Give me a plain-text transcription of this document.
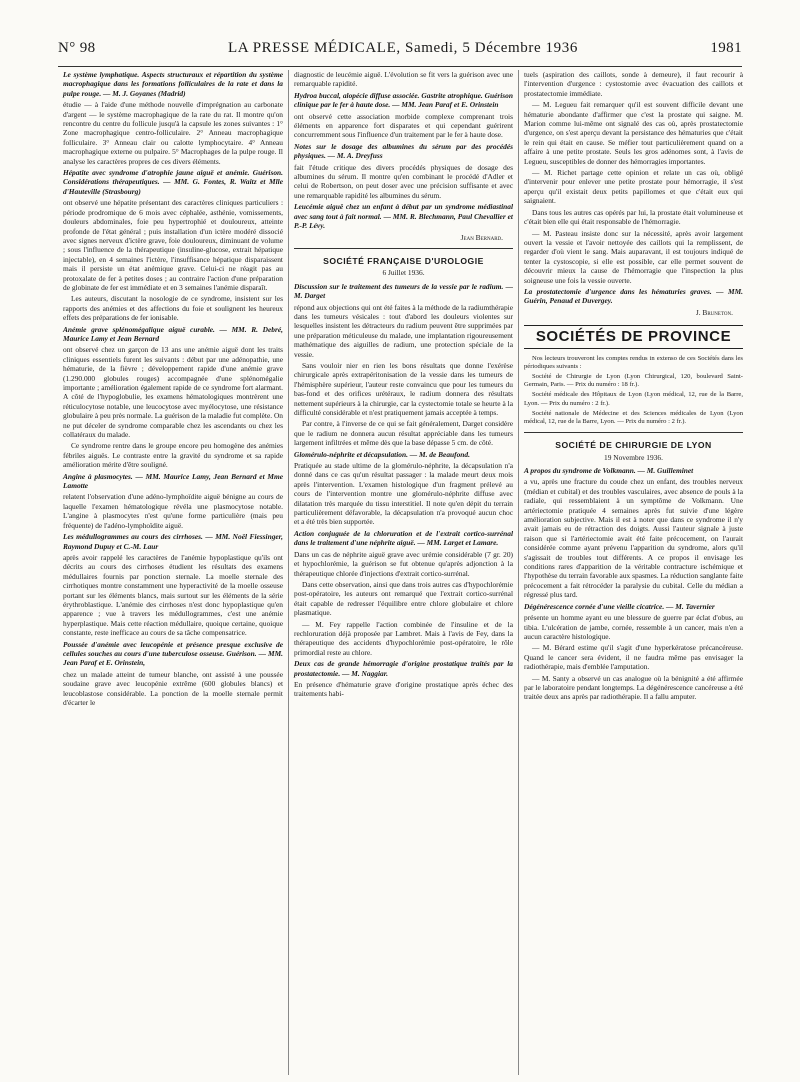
N° 98	LA PRESSE MÉDICALE, Samedi, 5 Décembre 1936	1981

Le système lymphatique. Aspects structuraux et répartition du système macrophagique dans les formations folliculaires de la rate et dans la pulpe rouge. — M. J. Goyanes (Madrid)

étudie — à l'aide d'une méthode nouvelle d'imprégnation au carbonate d'argent — le système macrophagique de la rate du rat. Il montre qu'on rencontre du centre du follicule jusqu'à la capsule les zones suivantes : 1° Zone macrophagique centro-folliculaire. 2° Anneau macrophagique folliculaire. 3° Anneau clair ou calotte lymphocytaire. 4° Anneau macrophagique externe ou pulpaire. 5° Macrophages de la pulpe rouge. Il analyse les caractères propres de ces divers éléments.

Hépatite avec syndrome d'atrophie jaune aiguë et anémie. Guérison. Considérations thérapeutiques. — MM. G. Fontes, R. Waitz et Mlle d'Hauteville (Strasbourg)

ont observé une hépatite présentant des caractères cliniques particuliers : période prodromique de 6 mois avec céphalée, asthénie, vomissements, douleurs abdominales, foie peu hypertrophié et douloureux, atteinte profonde de l'état général ; puis installation d'un ictère modéré dissocié avec signes nerveux d'ictère grave, foie douloureux, diminuant de volume ; sous l'influence de la thérapeutique (insuline-glucose, extrait hépatique injectable), en 4 semaines l'ictère, l'insuffisance hépatique disparaissent mais il persiste un état anémique grave. Celui-ci ne réagit pas au protoxalate de fer à petites doses ; au contraire l'action d'une préparation de globinate de fer est immédiate et en 3 semaines l'anémie disparaît.

Les auteurs, discutant la nosologie de ce syndrome, insistent sur les rapports des anémies et des affections du foie et soulignent les heureux effets des préparations de fer ionisable.

Anémie grave splénomégalique aiguë curable. — MM. R. Debré, Maurice Lamy et Jean Bernard

ont observé chez un garçon de 13 ans une anémie aiguë dont les traits cliniques essentiels furent les suivants : début par une adénopathie, une hématurie, de la fièvre ; développement rapide d'une anémie grave (1.290.000 globules rouges) accompagnée d'une splénomégalie importante ; amélioration également rapide de ce syndrome fort alarmant. A côté de l'hypoglobulie, les examens hématologiques montrèrent une réticulocytose notable, une leucocytose avec myélocytose, une résistance globulaire à peu près normale. La guérison de la maladie fut complète. On ne put déceler de syndrome comparable chez les ascendants ou chez les collatéraux du malade.

Ce syndrome rentre dans le groupe encore peu homogène des anémies fébriles aiguës. Le contraste entre la gravité du syndrome et sa rapide amélioration mérite d'être souligné.

Angine à plasmocytes. — MM. Maurice Lamy, Jean Bernard et Mme Lamotte

relatent l'observation d'une adéno-lymphoïdite aiguë bénigne au cours de laquelle l'examen hématologique révéla une plasmocytose notable. L'angine à plasmocytes n'est qu'une forme particulière (mais peu fréquente) de l'adéno-lymphoïdite aiguë.

Les médullogrammes au cours des cirrhoses. — MM. Noël Fiessinger, Raymond Dupuy et C.-M. Laur

après avoir rappelé les caractères de l'anémie hypoplastique qu'ils ont décrits au cours des cirrhoses étudient les résultats des examens médullaires fournis par ponction sternale. La moelle sternale des cirrhotiques montre constamment une hyperactivité de la moelle osseuse portant sur les éléments blancs, mais surtout sur les éléments de la série érythroblastique. L'anémie des cirrhoses n'est donc hypoplastique qu'en apparence ; vue à travers les médullogrammes, c'est une anémie hyperplastique. Mais cette réaction médullaire, quoique certaine, quoique constante, reste inefficace au cours de sa tâche compensatrice.

Poussée d'anémie avec leucopénie et présence presque exclusive de cellules souches au cours d'une tuberculose osseuse. Guérison. — MM. Jean Paraf et E. Orinstein,

chez un malade atteint de tumeur blanche, ont assisté à une poussée soudaine grave avec leucopénie extrême (600 globules blancs) et leucoblastose considérable. La ponction de la moelle sternale permit d'écarter le

diagnostic de leucémie aiguë. L'évolution se fit vers la guérison avec une remarquable rapidité.

Hydroa buccal, alopécie diffuse associée. Gastrite atrophique. Guérison clinique par le fer à haute dose. — MM. Jean Paraf et E. Orinstein

ont observé cette association morbide complexe comprenant trois éléments en apparence fort disparates et qui cependant guérirent concurremment sous l'influence d'un traitement par le fer à haute dose.

Notes sur le dosage des albumines du sérum par des procédés physiques. — M. A. Dreyfuss

fait l'étude critique des divers procédés physiques de dosage des albumines du sérum. Il montre qu'en combinant le procédé d'Adler et celui de Robertson, on peut doser avec une précision suffisante et avec une remarquable rapidité les albumines du sérum.

Leucémie aiguë chez un enfant à début par un syndrome médiastinal avec sang tout à fait normal. — MM. R. Blechmann, Paul Chevallier et P.-P. Lévy.

Jean Bernard.
SOCIÉTÉ FRANÇAISE D'UROLOGIE
6 Juillet 1936.

Discussion sur le traitement des tumeurs de la vessie par le radium. — M. Darget

répond aux objections qui ont été faites à la méthode de la radiumthérapie dans les tumeurs vésicales : tout d'abord les douleurs violentes sur lesquelles insistent les détracteurs du radium peuvent être supprimées par une préparation méticuleuse du malade, une implantation rigoureusement mathématique des aiguilles de radium, une protection spéciale de la vessie.

Sans vouloir nier en rien les bons résultats que donne l'exérèse chirurgicale après extrapéritonisation de la vessie dans les tumeurs de l'hémisphère supérieur, l'auteur reste convaincu que pour les tumeurs du bas-fond et des orifices urétéraux, le radium donnera des résultats nettement supérieurs à la chirurgie, car la cystectomie totale se heurte à la difficulté considérable et n'est pratiquement jamais acceptée à temps.

Par contre, à l'inverse de ce qui se fait généralement, Darget considère que le radium ne donnera aucun résultat appréciable dans les tumeurs largement infiltrées et même dès que la base dépasse 5 cm. de côté.

Glomérulo-néphrite et décapsulation. — M. de Beaufond.

Pratiquée au stade ultime de la glomérulo-néphrite, la décapsulation n'a donné dans ce cas qu'un résultat passager : la malade meurt deux mois après l'intervention. L'examen histologique d'un fragment prélevé au cours de l'intervention montre une glomérulo-néphrite diffuse avec dilatation très marquée du tissu interstitiel. Il note qu'en dépit du terrain particulièrement défavorable, la décapsulation n'a provoqué aucun choc et a été très bien supportée.

Action conjuguée de la chloruration et de l'extrait cortico-surrénal dans le traitement d'une néphrite aiguë. — MM. Larget et Lamare.

Dans un cas de néphrite aiguë grave avec urémie considérable (7 gr. 20) et hypochlorémie, la guérison se fut obtenue qu'après adjonction à la thérapeutique chlorée d'injections d'extrait cortico-surrénal.

Dans cette observation, ainsi que dans trois autres cas d'hypochlorémie post-opératoire, les auteurs ont remarqué que l'extrait cortico-surrénal était capable de redresser l'équilibre entre chlore globulaire et chlore plasmatique.

— M. Fey rappelle l'action combinée de l'insuline et de la rechloruration déjà proposée par Lambret. Mais à l'avis de Fey, dans la thérapeutique des accidents d'hypochlorémie post-opératoire, le rôle primordial reste au chlore.

Deux cas de grande hémorragie d'origine prostatique traités par la prostatectomie. — M. Naggiar.

En présence d'hématurie grave d'origine prostatique après échec des traitements habi-

tuels (aspiration des caillots, sonde à demeure), il faut recourir à l'intervention d'urgence : cystostomie avec évacuation des caillots et prostatectomie immédiate.

— M. Legueu fait remarquer qu'il est souvent difficile devant une hématurie abondante d'affirmer que c'est la prostate qui saigne. M. Marion comme lui-même ont signalé des cas où, après prostatectomie d'urgence, on s'est aperçu devant la persistance des hématuries que c'était le rein qui était en cause. Se méfier tout particulièrement quand on a affaire à une petite prostate. Seuls les gros adénomes sont, à l'avis de Legueu, susceptibles de donner des hémorragies importantes.

— M. Richet partage cette opinion et relate un cas où, obligé d'intervenir pour enlever une petite prostate pour hémorragie, il s'est aperçu qu'il existait deux petits papillomes et que c'était eux qui saignaient.

Dans tous les autres cas opérés par lui, la prostate était volumineuse et c'était bien elle qui était responsable de l'hémorragie.

— M. Pasteau insiste donc sur la nécessité, après avoir largement ouvert la vessie et l'avoir nettoyée des caillots qui la remplissent, de regarder d'où vient le sang. Mais auparavant, il est toujours indiqué de tenter la cystoscopie, si elle est possible, car elle permet souvent de découvrir mieux la cause de l'hémorragie que l'inspection la plus soigneuse une fois la vessie ouverte.

La prostatectomie d'urgence dans les hématuries graves. — MM. Guérin, Penaud et Duvergey.

J. Bruneton.
SOCIÉTÉS DE PROVINCE

Nos lecteurs trouveront les comptes rendus in extenso de ces Sociétés dans les périodiques suivants :

Société de Chirurgie de Lyon (Lyon Chirurgical, 120, boulevard Saint-Germain, Paris. — Prix du numéro : 18 fr.).

Société médicale des Hôpitaux de Lyon (Lyon médical, 12, rue de la Barre, Lyon. — Prix du numéro : 2 fr.).

Société nationale de Médecine et des Sciences médicales de Lyon (Lyon médical, 12, rue de la Barre, Lyon. — Prix du numéro : 2 fr.).

SOCIÉTÉ DE CHIRURGIE DE LYON
19 Novembre 1936.

A propos du syndrome de Volkmann. — M. Guilleminet

a vu, après une fracture du coude chez un enfant, des troubles nerveux (médian et cubital) et des troubles vasculaires, avec absence de pouls à la radiale, qui ressemblaient à un symptôme de Volkmann. Une artériectomie pratiquée 4 semaines après fut suivie d'une légère amélioration subjective. Mais il est à noter que dans ce syndrome il n'y avait jamais eu de rétraction des doigts. Aussi l'auteur signale à juste raison que si l'artériectomie avait été faite précocement, on l'aurait considérée comme ayant prévenu l'apparition du syndrome, alors qu'il s'agissait de troubles tout différents. A ce propos il envisage les conditions rares d'apparition de la véritable contracture ischémique et l'hypothèse du terrain favorable aux spasmes. La réduction sanglante faite précocement a fait rétrocéder la paralysie du cubital. Celle du médian a régressé plus tard.

Dégénérescence cornée d'une vieille cicatrice. — M. Tavernier

présente un homme ayant eu une blessure de guerre par éclat d'obus, au tibia. L'ulcération de jambe, cornée, ressemble à un cancer, mais n'en a aucun caractère histologique.

— M. Bérard estime qu'il s'agit d'une hyperkératose précancéreuse. Quand le cancer sera évident, il ne faudra même pas envisager la radiothérapie, mais d'emblée l'amputation.

— M. Santy a observé un cas analogue où la bénignité a été affirmée par le laboratoire pendant longtemps. La dégénérescence cancéreuse a été traitée deux ans après par radiothérapie. Il a fallu amputer.
